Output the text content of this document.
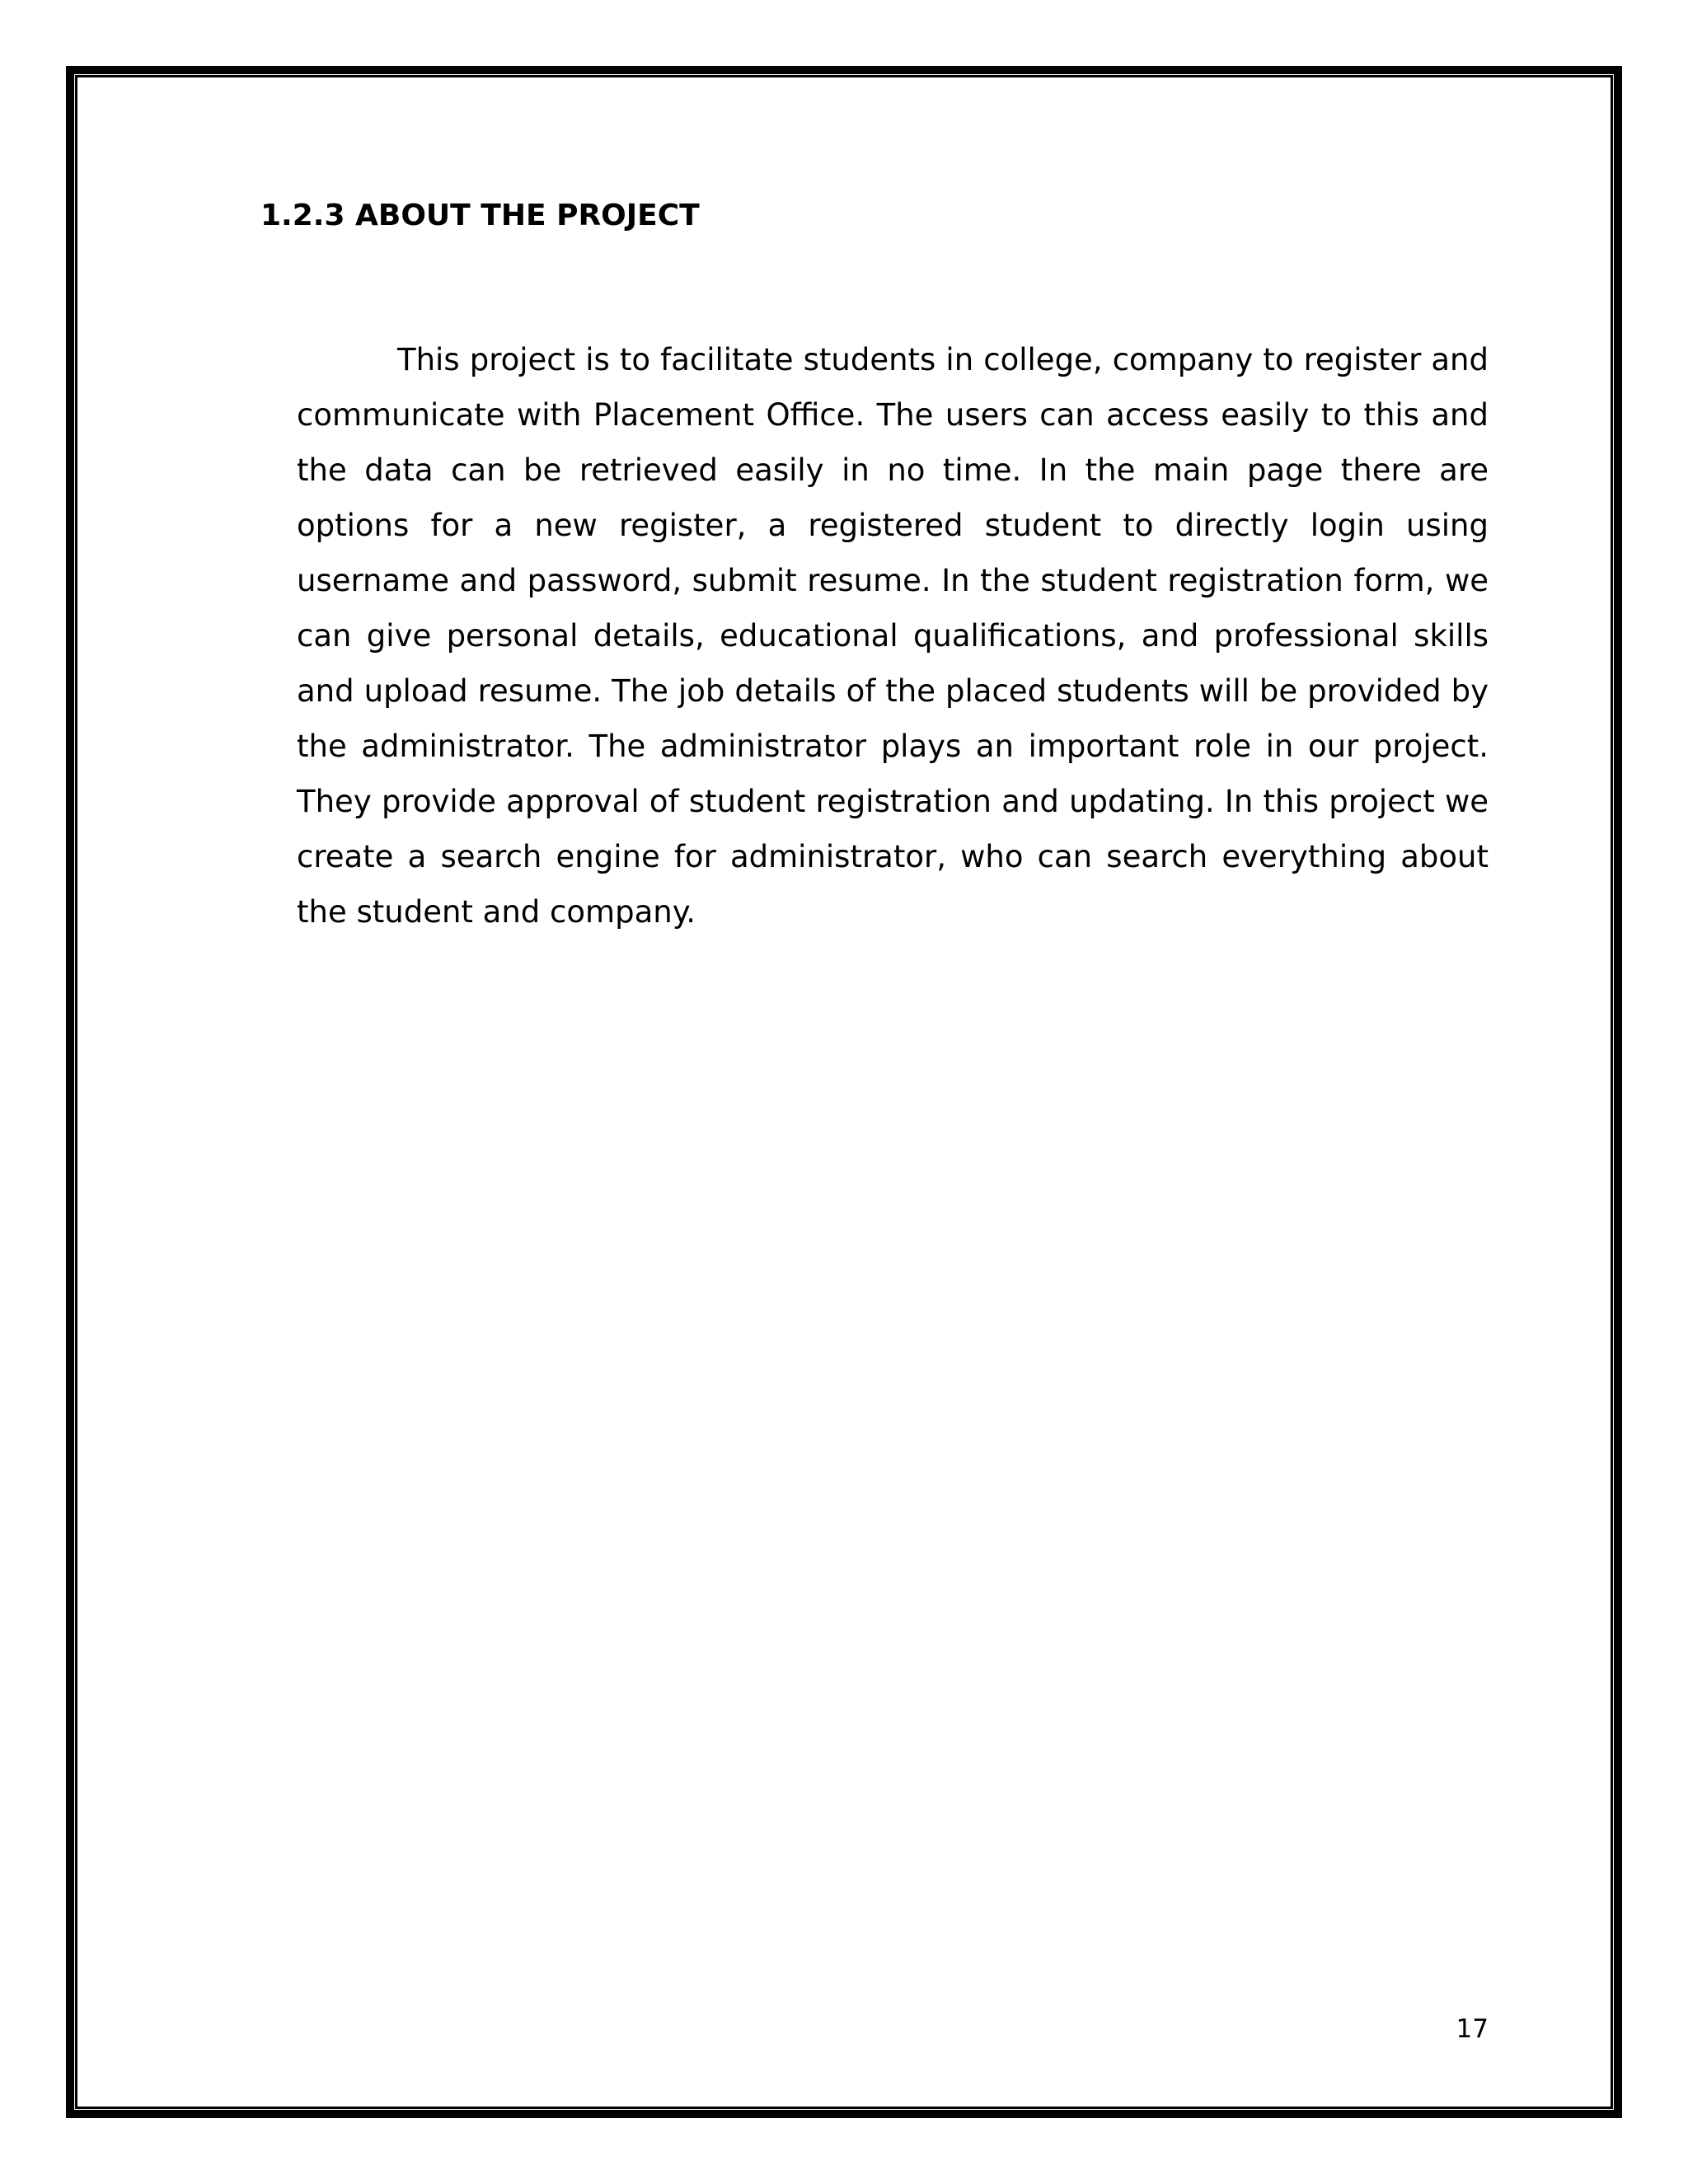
1.2.3 ABOUT THE PROJECT

This project is to facilitate students in college, company to register and communicate with Placement Office. The users can access easily to this and the data can be retrieved easily in no time. In the main page there are options for a new register, a registered student to directly login using username and password, submit resume. In the student registration form, we can give personal details, educational qualifications, and professional skills and upload resume. The job details of the placed students will be provided by the administrator. The administrator plays an important role in our project. They provide approval of student registration and updating. In this project we create a search engine for administrator, who can search everything about the student and company.

17
